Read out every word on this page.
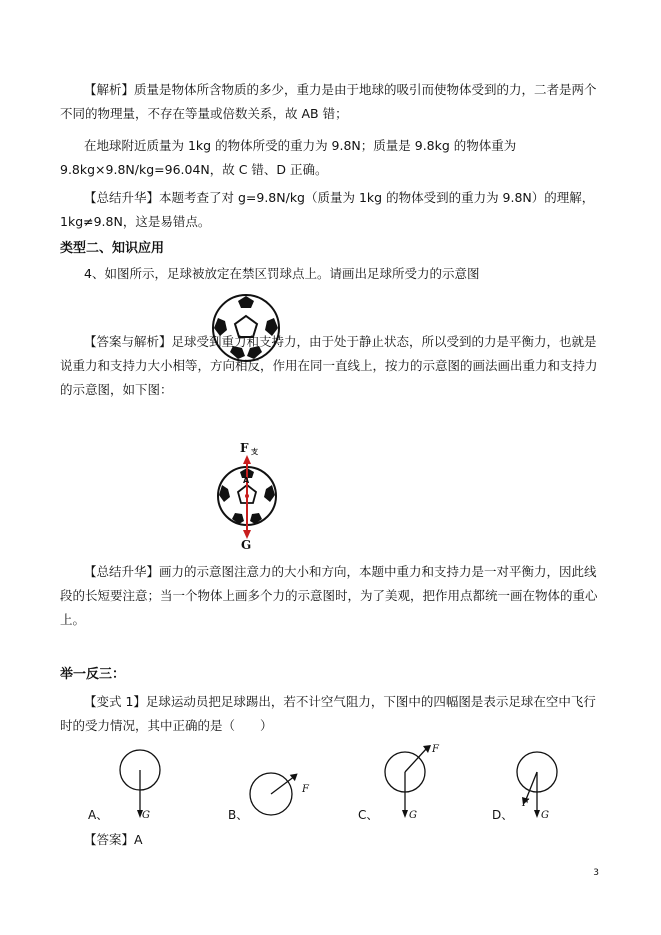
【解析】质量是物体所含物质的多少，重力是由于地球的吸引而使物体受到的力，二者是两个不同的物理量，不存在等量或倍数关系，故 AB 错；

在地球附近质量为 1kg 的物体所受的重力为 9.8N；质量是 9.8kg 的物体重为 9.8kg×9.8N/kg=96.04N，故 C 错、D 正确。

【总结升华】本题考查了对 g=9.8N/kg（质量为 1kg 的物体受到的重力为 9.8N）的理解，1kg≠9.8N，这是易错点。

类型二、知识应用

4、如图所示，足球被放定在禁区罚球点上。请画出足球所受力的示意图

【答案与解析】足球受到重力和支持力，由于处于静止状态，所以受到的力是平衡力，也就是说重力和支持力大小相等，方向相反，作用在同一直线上，按力的示意图的画法画出重力和支持力的示意图，如下图：

F 支
A
G

【总结升华】画力的示意图注意力的大小和方向，本题中重力和支持力是一对平衡力，因此线段的长短要注意；当一个物体上画多个力的示意图时，为了美观，把作用点都统一画在物体的重心上。

举一反三：

【变式 1】足球运动员把足球踢出，若不计空气阻力，下图中的四幅图是表示足球在空中飞行时的受力情况，其中正确的是（　　）

A、	G	B、
F
C、
F
G	D、
F
G

【答案】A

3
